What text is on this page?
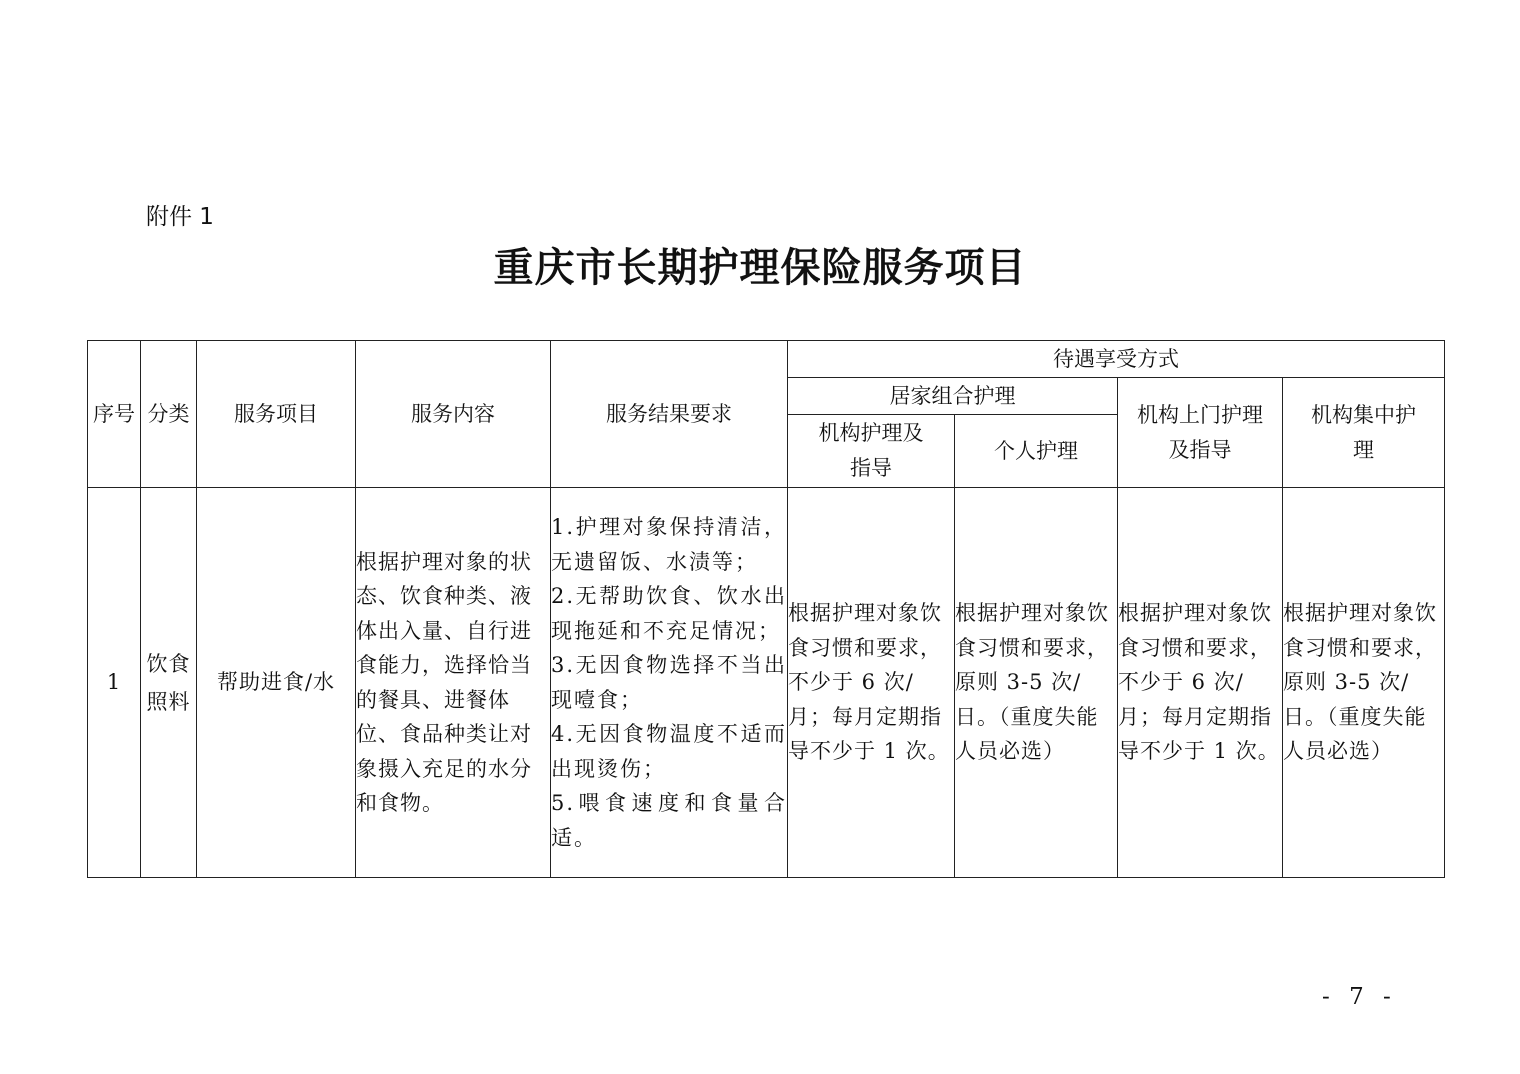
附件 1
重庆市长期护理保险服务项目
序号	分类	服务项目	服务内容	服务结果要求	待遇享受方式			
					居家组合护理		机构上门护理及指导	机构集中护理
					机构护理及指导	个人护理		
1	饮食照料	帮助进食/水	根据护理对象的状态、饮食种类、液体出入量、自行进食能力，选择恰当的餐具、进餐体位、食品种类让对象摄入充足的水分和食物。	1.护理对象保持清洁，无遗留饭、水渍等；
2.无帮助饮食、饮水出现拖延和不充足情况；
3.无因食物选择不当出现噎食；
4.无因食物温度不适而出现烫伤；
5.喂食速度和食量合适。	根据护理对象饮食习惯和要求，不少于 6 次/月；每月定期指导不少于 1 次。	根据护理对象饮食习惯和要求，原则 3-5 次/日。（重度失能人员必选）	根据护理对象饮食习惯和要求，不少于 6 次/月；每月定期指导不少于 1 次。	根据护理对象饮食习惯和要求，原则 3-5 次/日。（重度失能人员必选）
- 7 -
